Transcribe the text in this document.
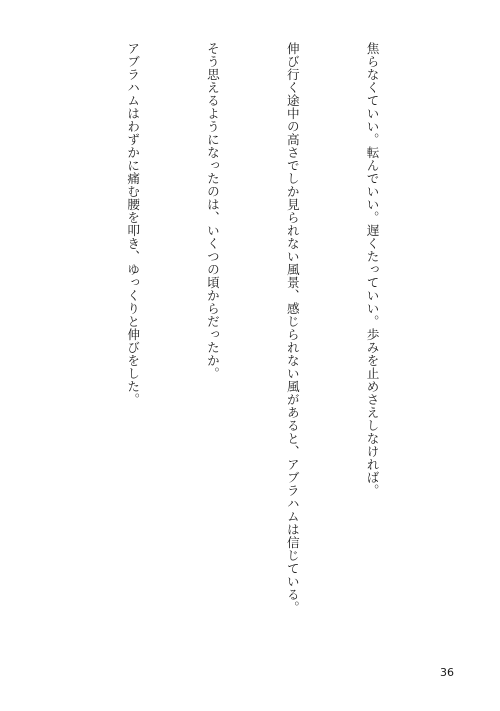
焦らなくていい。転んでいい。遅くたっていい。歩みを止めさえしなければ。

伸び行く途中の高さでしか見られない風景、感じられない風があると、アブラハムは信じている。

そう思えるようになったのは、いくつの頃からだったか。

アブラハムはわずかに痛む腰を叩き、ゆっくりと伸びをした。

36
